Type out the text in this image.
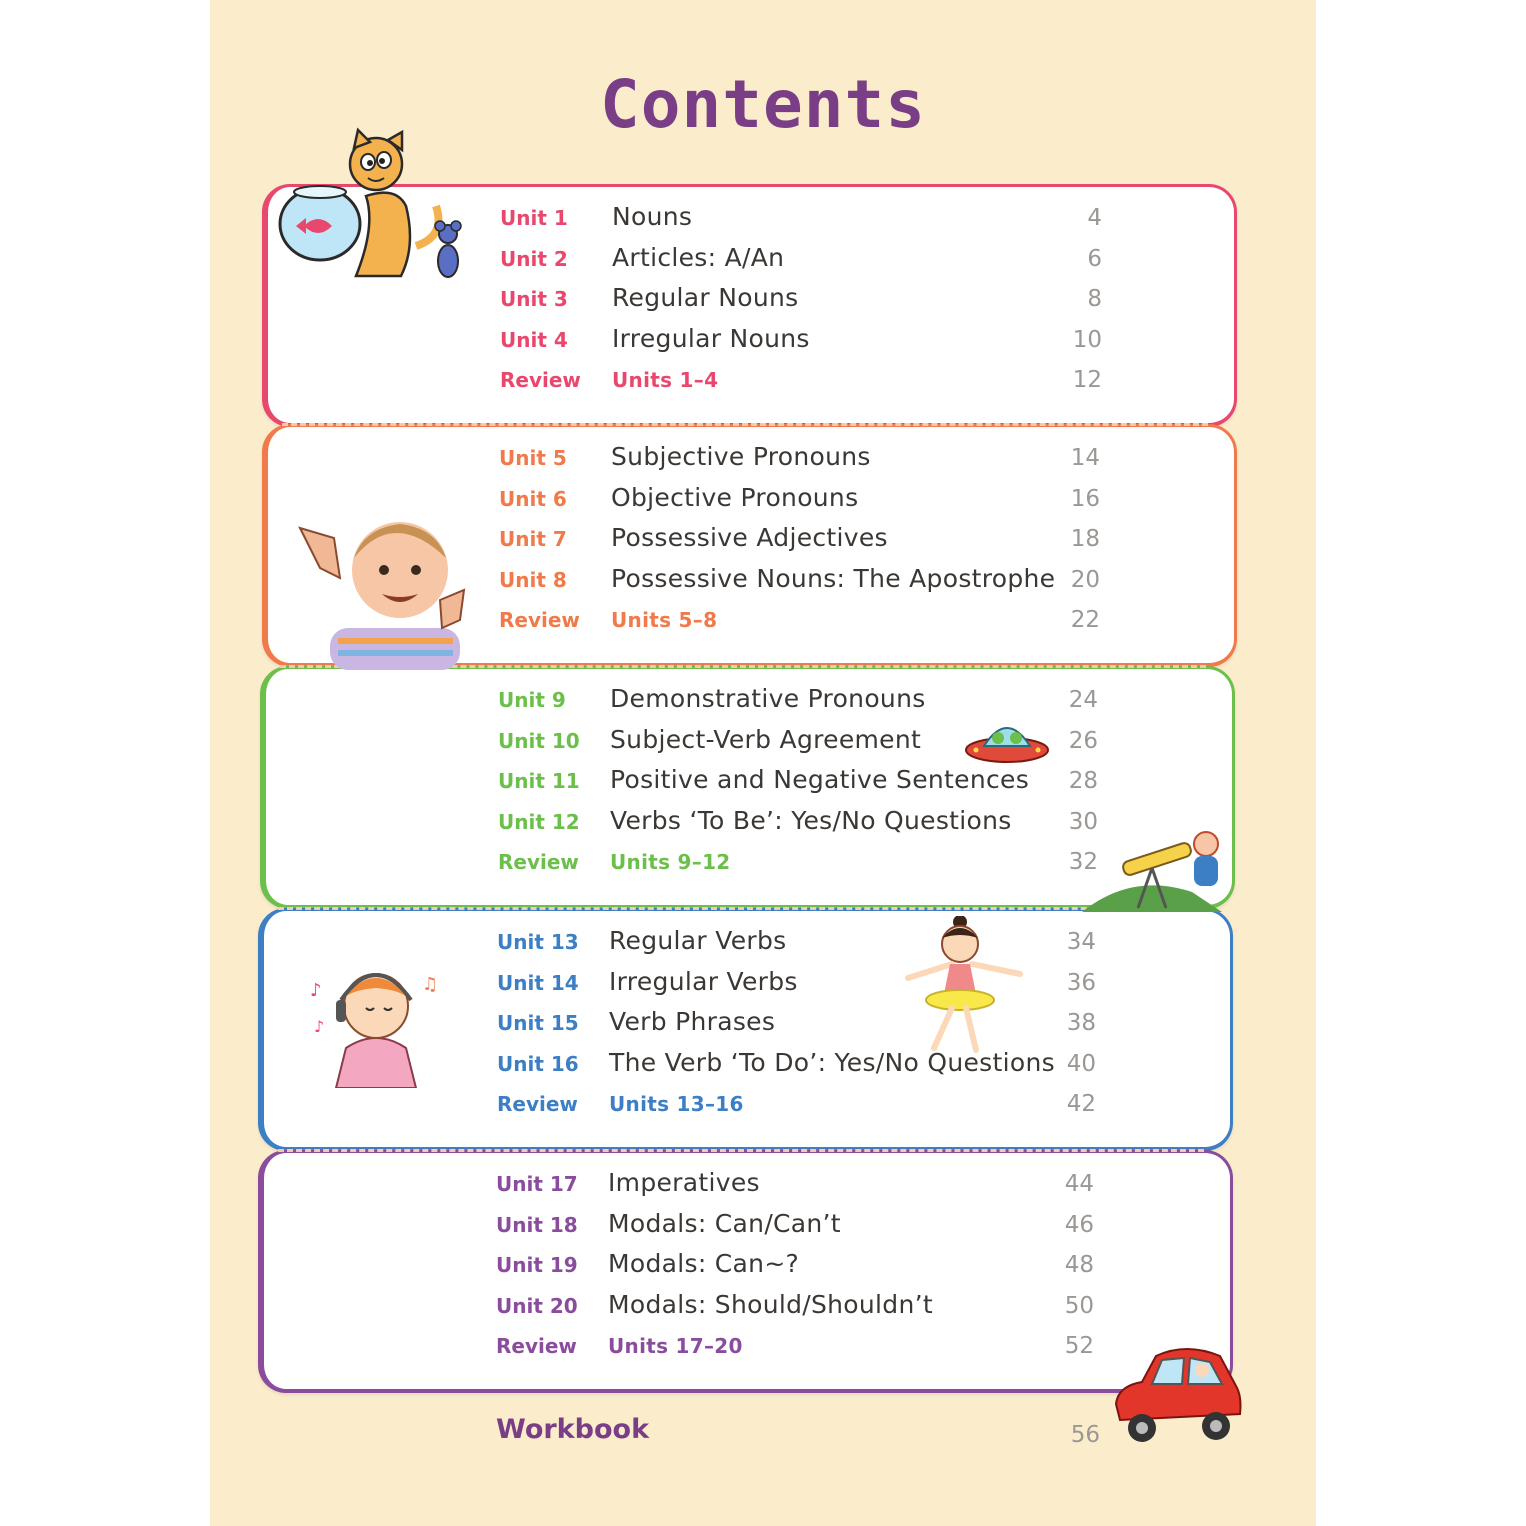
Contents
Unit 1 Nouns	4
Unit 2 Articles: A/An	6
Unit 3 Regular Nouns	8
Unit 4 Irregular Nouns	10
Review Units 1–4	12
Unit 5 Subjective Pronouns	14
Unit 6 Objective Pronouns	16
Unit 7 Possessive Adjectives	18
Unit 8 Possessive Nouns: The Apostrophe 20
Review Units 5–8	22
Unit 9 Demonstrative Pronouns	24
Unit 10 Subject-Verb Agreement	26
Unit 11 Positive and Negative Sentences	28
Unit 12 Verbs ‘To Be’: Yes/No Questions	30
Review Units 9–12	32
Unit 13 Regular Verbs	34
Unit 14 Irregular Verbs	36
Unit 15 Verb Phrases	38
Unit 16 The Verb ‘To Do’: Yes/No Questions 40
Review Units 13–16	42
Unit 17 Imperatives	44
Unit 18 Modals: Can/Can’t	46
Unit 19 Modals: Can~?	48
Unit 20 Modals: Should/Shouldn’t	50
Review Units 17–20	52
♪	♫
♪
Workbook	56
